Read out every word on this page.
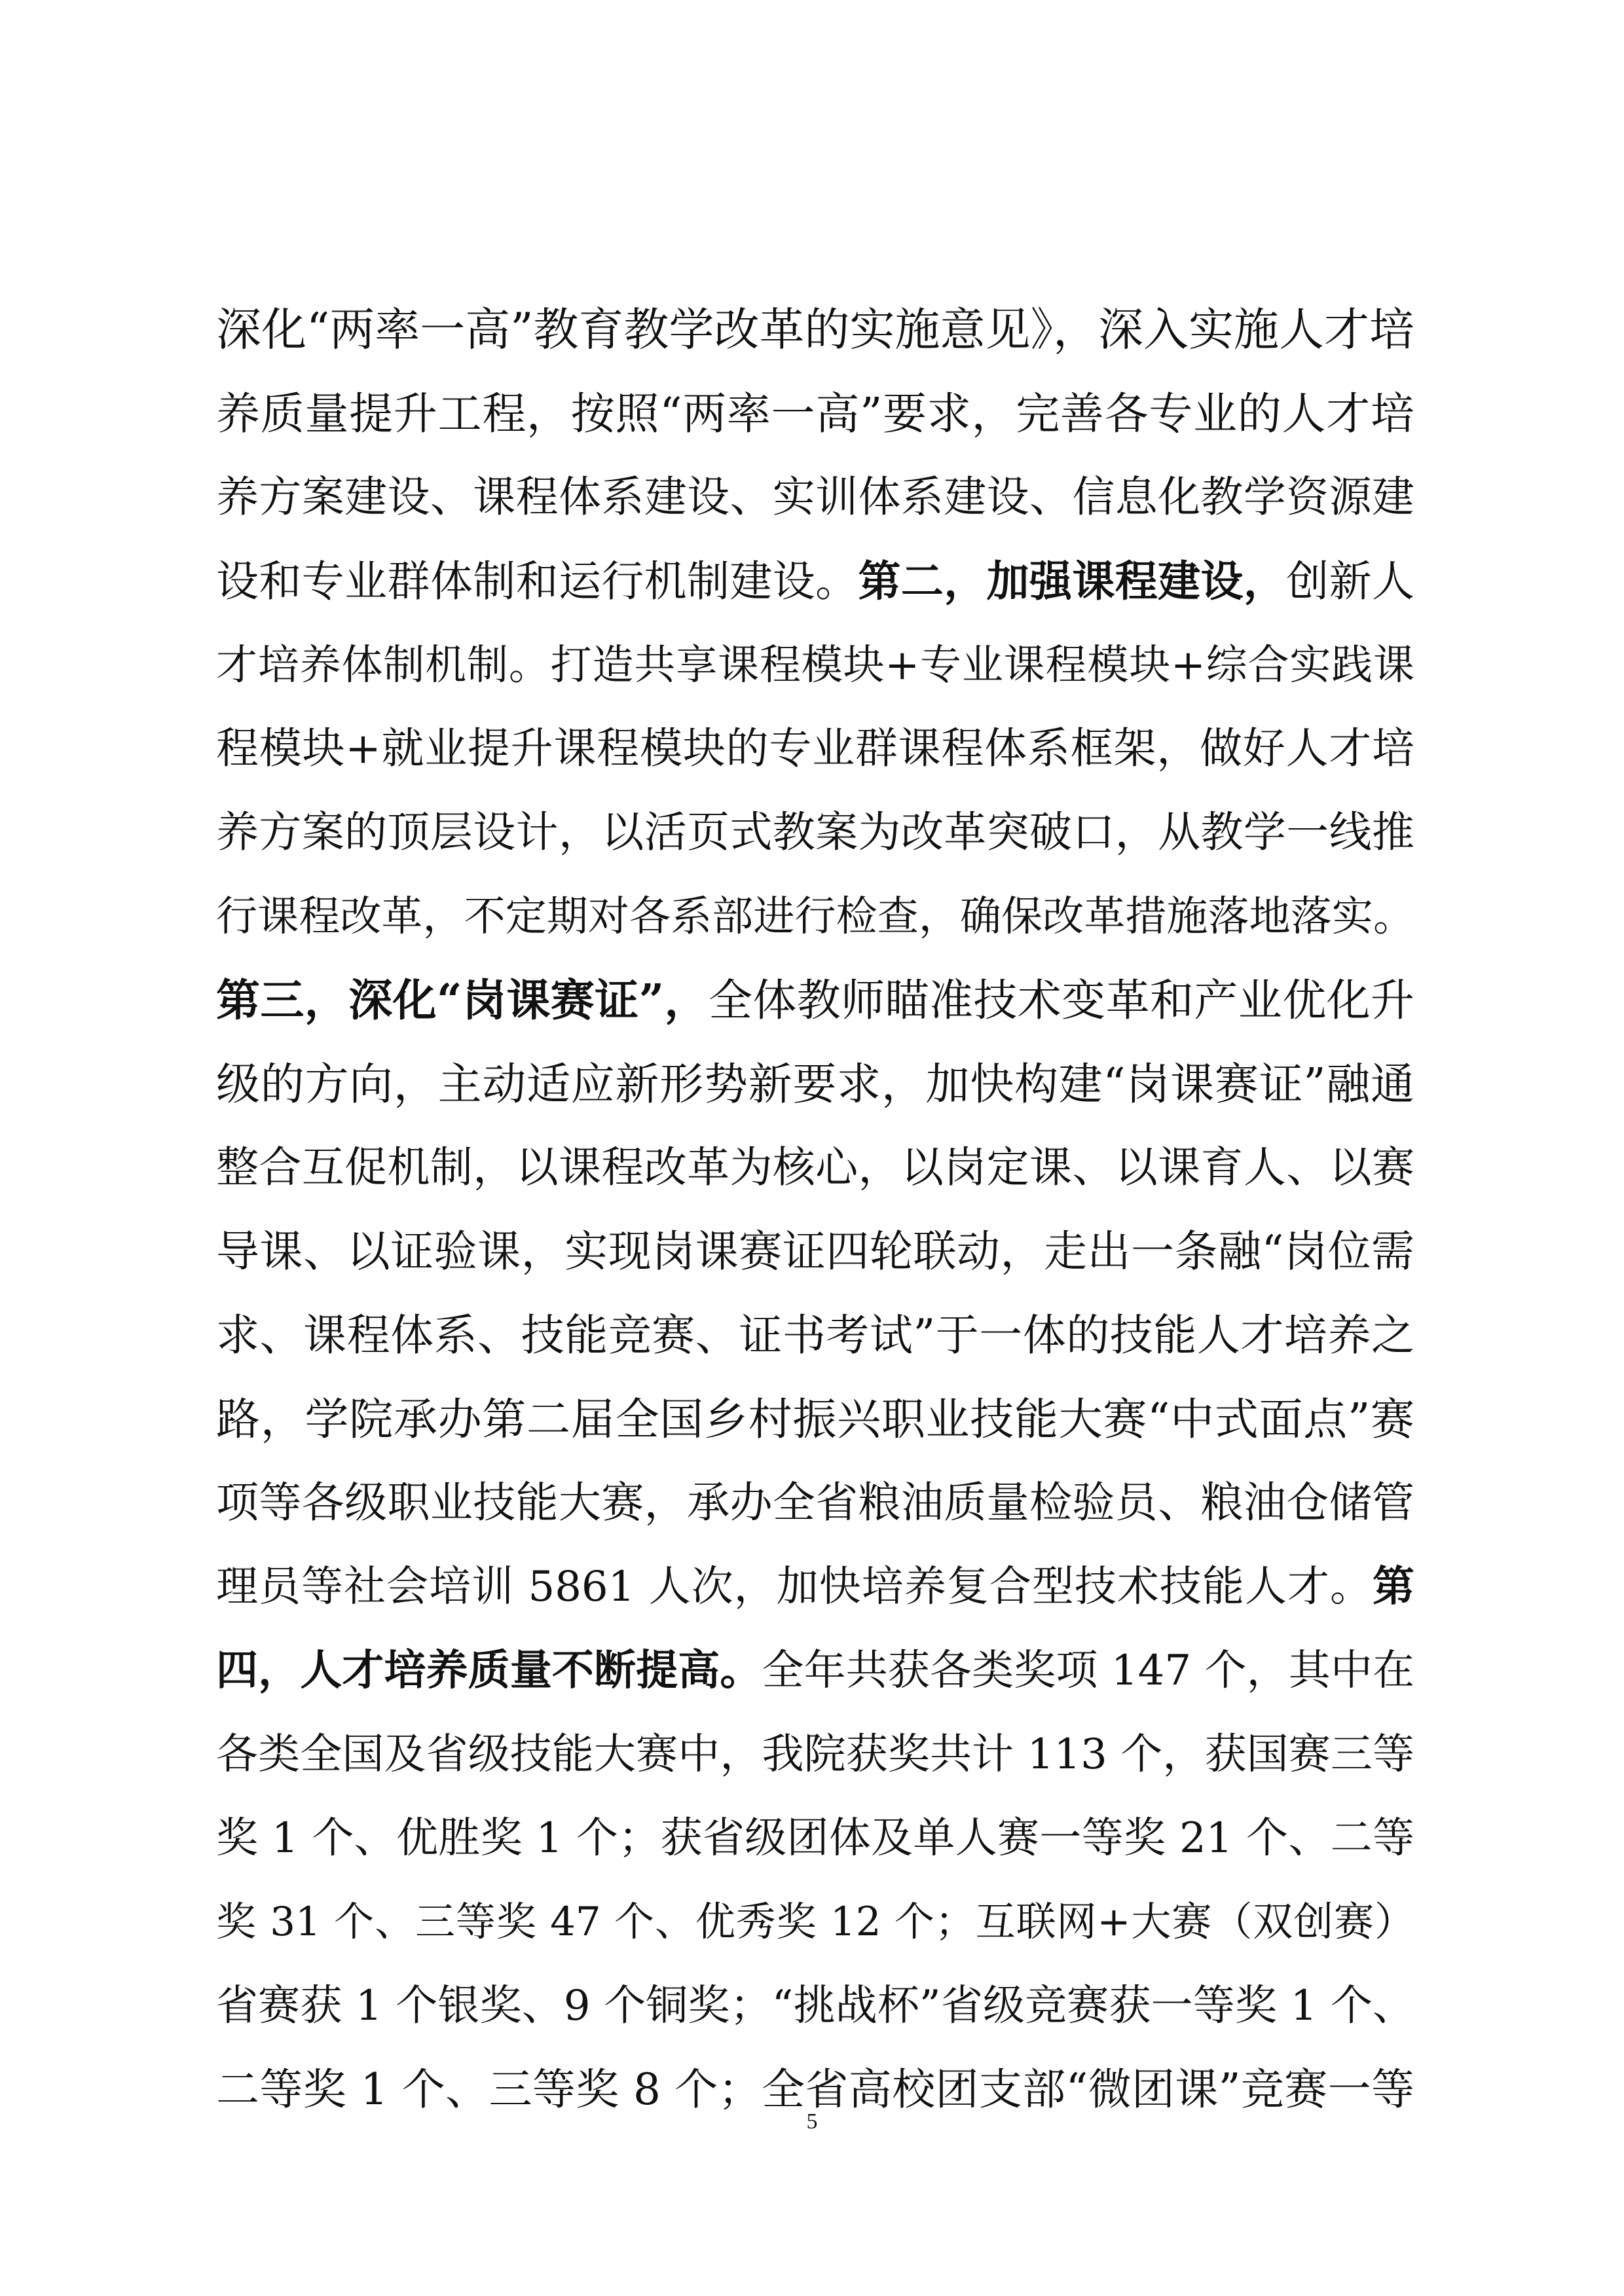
深化“两率一高”教育教学改革的实施意见》，深入实施人才培
养质量提升工程，按照“两率一高”要求，完善各专业的人才培
养方案建设、课程体系建设、实训体系建设、信息化教学资源建
设和专业群体制和运行机制建设。第二，加强课程建设，创新人
才培养体制机制。打造共享课程模块+专业课程模块+综合实践课
程模块+就业提升课程模块的专业群课程体系框架，做好人才培
养方案的顶层设计，以活页式教案为改革突破口，从教学一线推
行课程改革，不定期对各系部进行检查，确保改革措施落地落实。
第三，深化“岗课赛证”，全体教师瞄准技术变革和产业优化升
级的方向，主动适应新形势新要求，加快构建“岗课赛证”融通
整合互促机制，以课程改革为核心，以岗定课、以课育人、以赛
导课、以证验课，实现岗课赛证四轮联动，走出一条融“岗位需
求、课程体系、技能竞赛、证书考试”于一体的技能人才培养之
路，学院承办第二届全国乡村振兴职业技能大赛“中式面点”赛
项等各级职业技能大赛，承办全省粮油质量检验员、粮油仓储管
理员等社会培训 5861 人次，加快培养复合型技术技能人才。第
四，人才培养质量不断提高。全年共获各类奖项 147 个，其中在
各类全国及省级技能大赛中，我院获奖共计 113 个，获国赛三等
奖 1 个、优胜奖 1 个；获省级团体及单人赛一等奖 21 个、二等
奖 31 个、三等奖 47 个、优秀奖 12 个；互联网+大赛（双创赛）
省赛获 1 个银奖、9 个铜奖；“挑战杯”省级竞赛获一等奖 1 个、
二等奖 1 个、三等奖 8 个；全省高校团支部“微团课”竞赛一等
5
